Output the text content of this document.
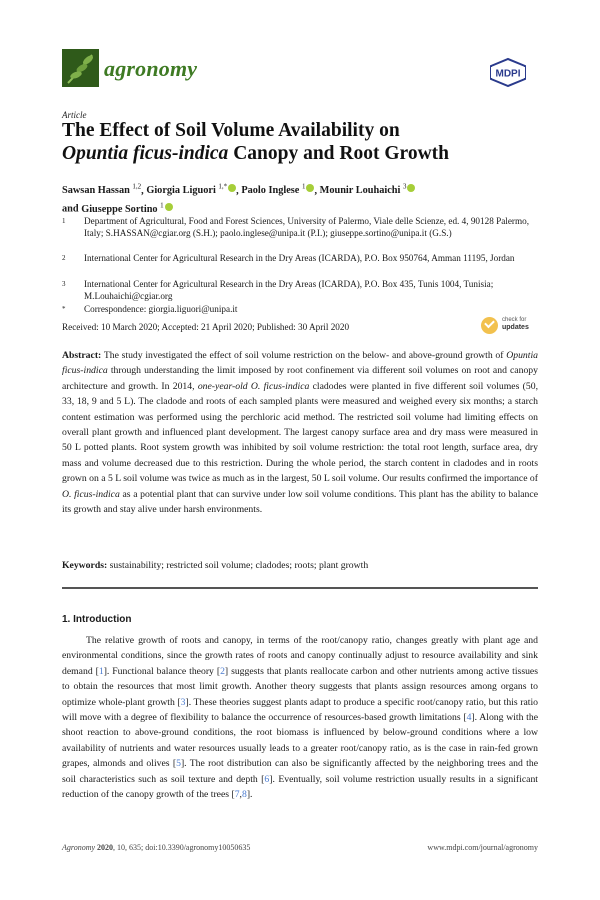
agronomy	MDPI
Article
The Effect of Soil Volume Availability on
Opuntia ficus-indica Canopy and Root Growth
Sawsan Hassan $^{1,2}$, Giorgia Liguori $^{1,*}$ , Paolo Inglese $^1$ , Mounir Louhaichi $^3$
and Giuseppe Sortino $^1$
1 Department of Agricultural, Food and Forest Sciences, University of Palermo, Viale delle Scienze, ed. 4, 90128 Palermo, Italy; S.HASSAN@cgiar.org (S.H.); paolo.inglese@unipa.it (P.I.); giuseppe.sortino@unipa.it (G.S.)
2 International Center for Agricultural Research in the Dry Areas (ICARDA), P.O. Box 950764, Amman 11195, Jordan
3 International Center for Agricultural Research in the Dry Areas (ICARDA), P.O. Box 435, Tunis 1004, Tunisia; M.Louhaichi@cgiar.org
* Correspondence: giorgia.liguori@unipa.it
Received: 10 March 2020; Accepted: 21 April 2020; Published: 30 April 2020
check for
updates
Abstract: The study investigated the effect of soil volume restriction on the below- and above-ground growth of Opuntia ficus-indica through understanding the limit imposed by root confinement via different soil volumes on root and canopy architecture and growth. In 2014, one-year-old O. ficus-indica cladodes were planted in five different soil volumes (50, 33, 18, 9 and 5 L). The cladode and roots of each sampled plants were measured and weighed every six months; a starch content estimation was performed using the perchloric acid method. The restricted soil volume had limiting effects on overall plant growth and influenced plant development. The largest canopy surface area and dry mass were measured in 50 L potted plants. Root system growth was inhibited by soil volume restriction: the total root length, surface area, dry mass and volume decreased due to this restriction. During the whole period, the starch content in cladodes and in roots grown on a 5 L soil volume was twice as much as in the largest, 50 L soil volume. Our results confirmed the importance of O. ficus-indica as a potential plant that can survive under low soil volume conditions. This plant has the ability to balance its growth and stay alive under harsh environments.
Keywords: sustainability; restricted soil volume; cladodes; roots; plant growth
1. Introduction
The relative growth of roots and canopy, in terms of the root/canopy ratio, changes greatly with plant age and environmental conditions, since the growth rates of roots and canopy continually adjust to resource availability and sink demand [1]. Functional balance theory [2] suggests that plants reallocate carbon and other nutrients among active tissues to obtain the resources that most limit growth. Another theory suggests that plants assign resources among organs to optimize whole-plant growth [3]. These theories suggest plants adapt to produce a specific root/canopy ratio, but this ratio will move with a degree of flexibility to balance the occurrence of resources-based growth limitations [4]. Along with the shoot reaction to above-ground conditions, the root biomass is influenced by below-ground conditions where a low availability of nutrients and water resources usually leads to a greater root/canopy ratio, as is the case in rain-fed grown grapes, almonds and olives [5]. The root distribution can also be significantly affected by the neighboring trees and the soil characteristics such as soil texture and depth [6]. Eventually, soil volume restriction usually results in a significant reduction of the canopy growth of the trees [7,8].
Agronomy 2020, 10, 635; doi:10.3390/agronomy10050635	www.mdpi.com/journal/agronomy
